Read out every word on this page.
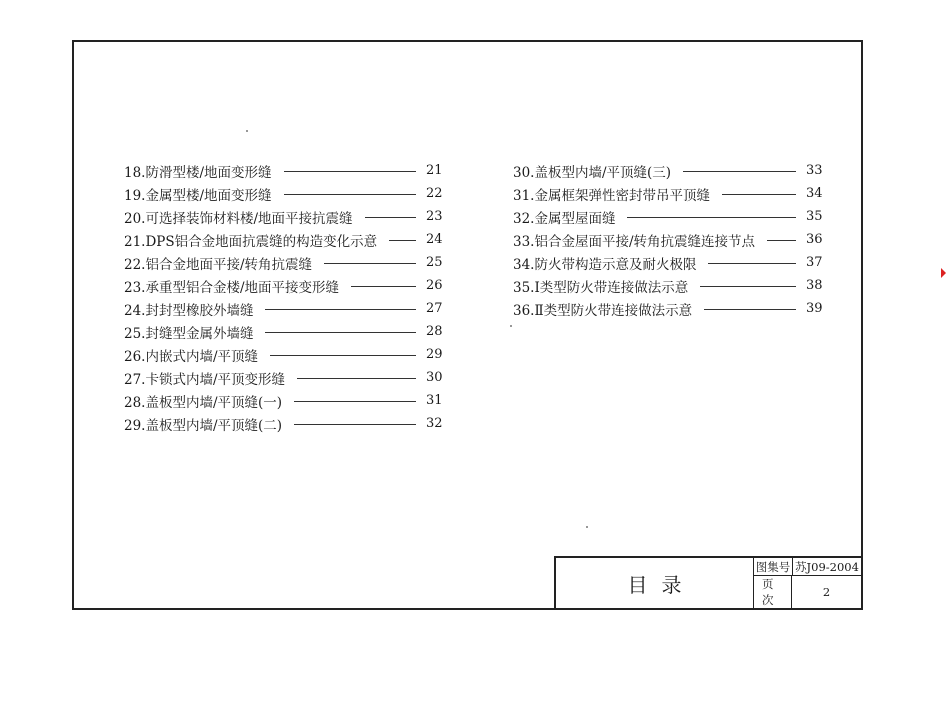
18.防滑型楼/地面变形缝	21
19.金属型楼/地面变形缝	22
20.可选择装饰材料楼/地面平接抗震缝	23
21.DPS铝合金地面抗震缝的构造变化示意	24
22.铝合金地面平接/转角抗震缝	25
23.承重型铝合金楼/地面平接变形缝	26
24.封封型橡胶外墙缝	27
25.封缝型金属外墙缝	28
26.内嵌式内墙/平顶缝	29
27.卡锁式内墙/平顶变形缝	30
28.盖板型内墙/平顶缝(一)	31
29.盖板型内墙/平顶缝(二)	32
30.盖板型内墙/平顶缝(三)	33
31.金属框架弹性密封带吊平顶缝	34
32.金属型屋面缝	35
33.铝合金屋面平接/转角抗震缝连接节点	36
34.防火带构造示意及耐火极限	37
35.Ⅰ类型防火带连接做法示意	38
36.Ⅱ类型防火带连接做法示意	39
目录
图集号 苏J09-2004
页次
2
